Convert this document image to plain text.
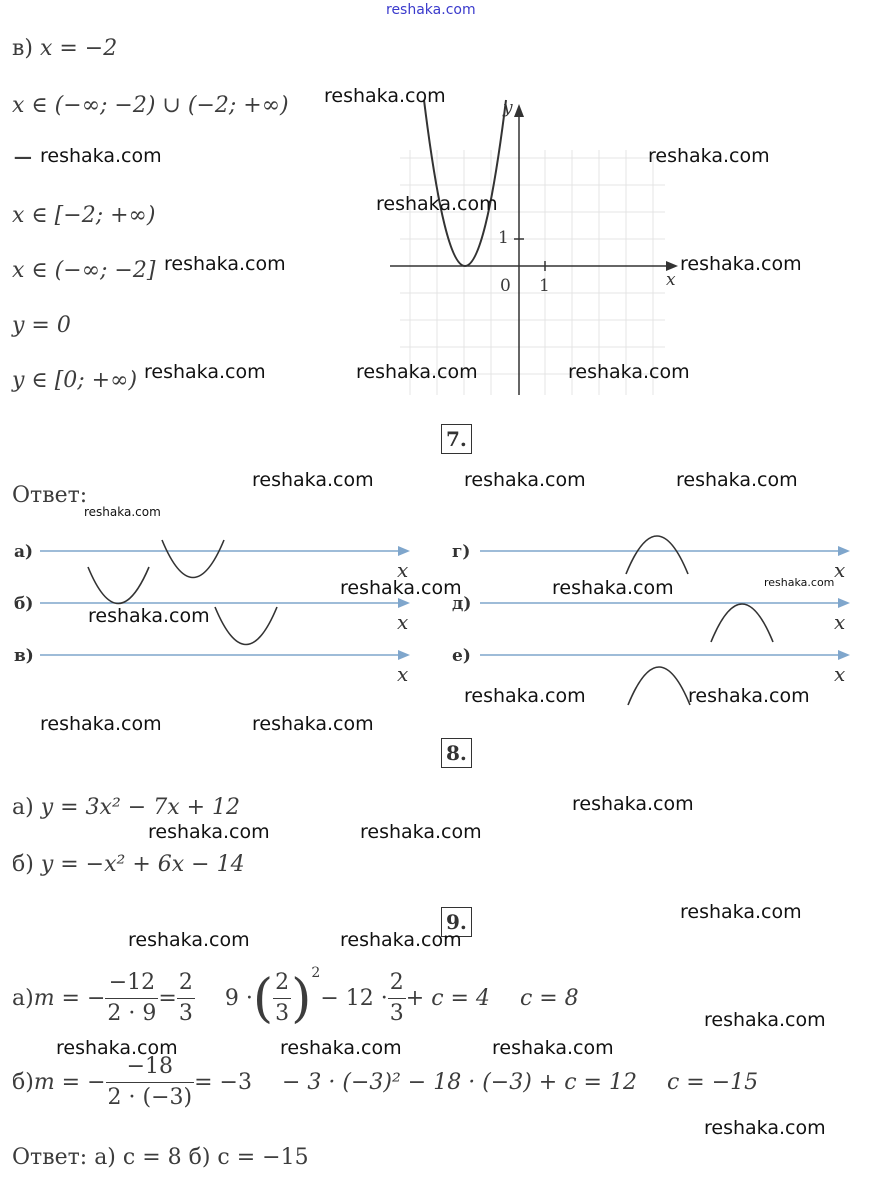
reshaka.com
в) x = −2
x ∈ (−∞; −2) ∪ (−2; +∞)
−
x ∈ [−2; +∞)
x ∈ (−∞; −2]
y = 0
y ∈ [0; +∞)
y
x
0 1
1
7.
Ответ:
а)
б)
в)
г)
д)
е)
x
x
x
x
x
x
8.
а) y = 3x² − 7x + 12
б) y = −x² + 6x − 14
9.
а) m = − $\frac{-12}{2 \cdot 9} = \frac{2}{3} 9$ · ( $\frac{2}{3}$ ) 2
− $12 \cdot \frac{2}{3} + c = 4$ c = 8
б) m = − $\frac{-18}{2 \cdot (-3)} = -3 - 3 \cdot (-3)^2 - 18 \cdot (-3) + c = 12$ c = −15
Ответ: а) c = 8 б) c = −15
reshaka.com
reshaka.com	reshaka.com
reshaka.com
reshaka.com	reshaka.com
reshaka.com	reshaka.com	reshaka.com
reshaka.com	reshaka.com	reshaka.com
reshaka.com
reshaka.com	reshaka.com	reshaka.com
reshaka.com
reshaka.com	reshaka.com
reshaka.com	reshaka.com
reshaka.com
reshaka.com	reshaka.com
reshaka.com
reshaka.com	reshaka.com
reshaka.com
reshaka.com	reshaka.com	reshaka.com
reshaka.com
